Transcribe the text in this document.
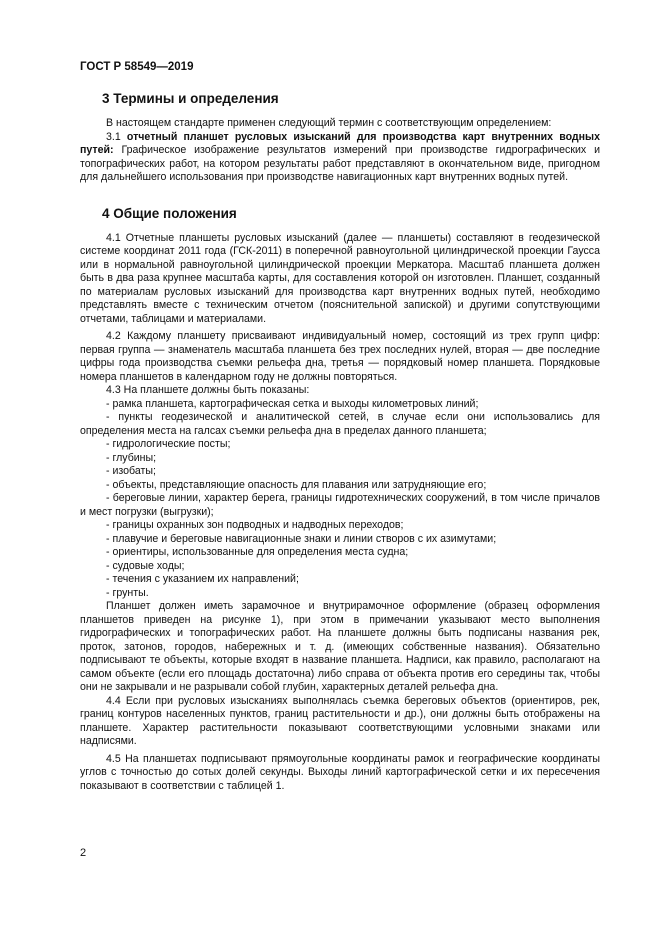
ГОСТ Р 58549—2019
3 Термины и определения

В настоящем стандарте применен следующий термин с соответствующим определением:

3.1 отчетный планшет русловых изысканий для производства карт внутренних водных путей: Графическое изображение результатов измерений при производстве гидрографических и топографических работ, на котором результаты работ представляют в окончательном виде, пригодном для дальнейшего использования при производстве навигационных карт внутренних водных путей.

4 Общие положения

4.1 Отчетные планшеты русловых изысканий (далее — планшеты) составляют в геодезической системе координат 2011 года (ГСК-2011) в поперечной равноугольной цилиндрической проекции Гаусса или в нормальной равноугольной цилиндрической проекции Меркатора. Масштаб планшета должен быть в два раза крупнее масштаба карты, для составления которой он изготовлен. Планшет, созданный по материалам русловых изысканий для производства карт внутренних водных путей, необходимо представлять вместе с техническим отчетом (пояснительной запиской) и другими сопутствующими отчетами, таблицами и материалами.

4.2 Каждому планшету присваивают индивидуальный номер, состоящий из трех групп цифр: первая группа — знаменатель масштаба планшета без трех последних нулей, вторая — две последние цифры года производства съемки рельефа дна, третья — порядковый номер планшета. Порядковые номера планшетов в календарном году не должны повторяться.

4.3 На планшете должны быть показаны:

- рамка планшета, картографическая сетка и выходы километровых линий;

- пункты геодезической и аналитической сетей, в случае если они использовались для определения места на галсах съемки рельефа дна в пределах данного планшета;

- гидрологические посты;

- глубины;

- изобаты;

- объекты, представляющие опасность для плавания или затрудняющие его;

- береговые линии, характер берега, границы гидротехнических сооружений, в том числе причалов и мест погрузки (выгрузки);

- границы охранных зон подводных и надводных переходов;

- плавучие и береговые навигационные знаки и линии створов с их азимутами;

- ориентиры, использованные для определения места судна;

- судовые ходы;

- течения с указанием их направлений;

- грунты.

Планшет должен иметь зарамочное и внутрирамочное оформление (образец оформления планшетов приведен на рисунке 1), при этом в примечании указывают место выполнения гидрографических и топографических работ. На планшете должны быть подписаны названия рек, проток, затонов, городов, набережных и т. д. (имеющих собственные названия). Обязательно подписывают те объекты, которые входят в название планшета. Надписи, как правило, располагают на самом объекте (если его площадь достаточна) либо справа от объекта против его середины так, чтобы они не закрывали и не разрывали собой глубин, характерных деталей рельефа дна.

4.4 Если при русловых изысканиях выполнялась съемка береговых объектов (ориентиров, рек, границ контуров населенных пунктов, границ растительности и др.), они должны быть отображены на планшете. Характер растительности показывают соответствующими условными знаками или надписями.

4.5 На планшетах подписывают прямоугольные координаты рамок и географические координаты углов с точностью до сотых долей секунды. Выходы линий картографической сетки и их пересечения показывают в соответствии с таблицей 1.

2
